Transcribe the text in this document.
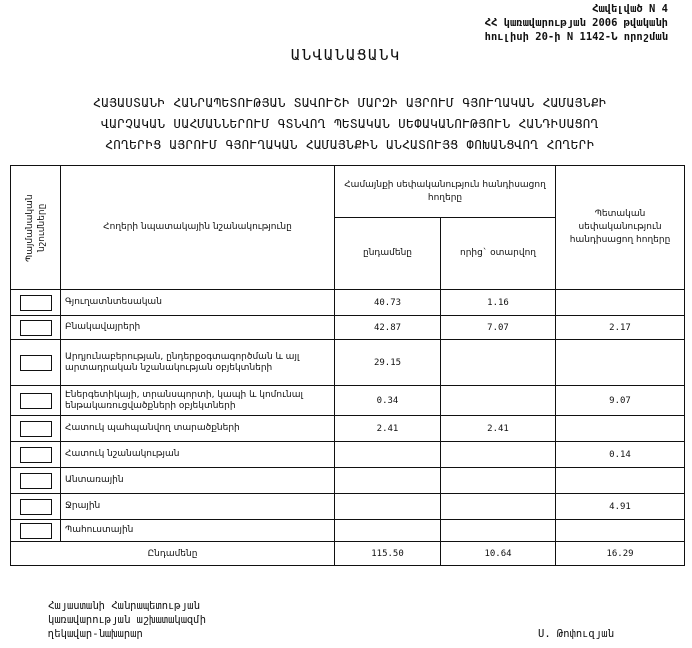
Հավելված N 4
ՀՀ կառավարության 2006 թվականի
հուլիսի 20-ի N 1142-Ն որոշման
ԱՆՎԱՆԱՑԱՆԿ
ՀԱՅԱՍՏԱՆԻ ՀԱՆՐԱՊԵՏՈՒԹՅԱՆ ՏԱՎՈՒՇԻ ՄԱՐԶԻ ԱՅՐՈՒՄ ԳՅՈՒՂԱԿԱՆ ՀԱՄԱՅՆՔԻ
ՎԱՐՉԱԿԱՆ ՍԱՀՄԱՆՆԵՐՈՒՄ ԳՏՆՎՈՂ ՊԵՏԱԿԱՆ ՍԵՓԱԿԱՆՈՒԹՅՈՒՆ ՀԱՆԴԻՍԱՑՈՂ
ՀՈՂԵՐԻՑ ԱՅՐՈՒՄ ԳՅՈՒՂԱԿԱՆ ՀԱՄԱՅՆՔԻՆ ԱՆՀԱՏՈՒՅՑ ՓՈԽԱՆՑՎՈՂ ՀՈՂԵՐԻ
Պայմանական նշումները	Հողերի նպատակային նշանակությունը	Համայնքի սեփականություն հանդիսացող հողերը		Պետական սեփականություն հանդիսացող հողերը
		ընդամենը	որից` օտարվող	
	Գյուղատնտեսական	40.73	1.16	
	Բնակավայրերի	42.87	7.07	2.17
	Արդյունաբերության, ընդերքօգտագործման և այլ արտադրական նշանակության օբյեկտների	29.15		
	Էներգետիկայի, տրանսպորտի, կապի և կոմունալ ենթակառուցվածքների օբյեկտների	0.34		9.07
	Հատուկ պահպանվող տարածքների	2.41	2.41	
	Հատուկ նշանակության			0.14
	Անտառային			
	Ջրային			4.91
	Պահուստային			
Ընդամենը		115.50	10.64	16.29
Հայաստանի Հանրապետության
կառավարության աշխատակազմի
ղեկավար-նախարար	Ս. Թոփուզյան
